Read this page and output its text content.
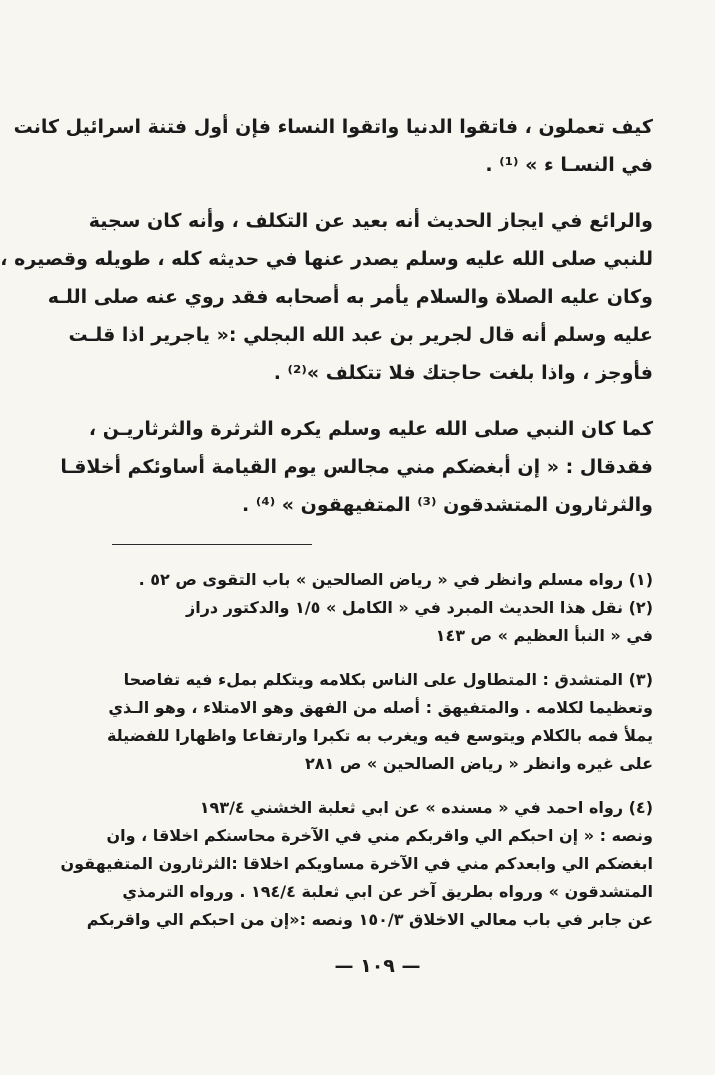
كيف تعملون ، فاتقوا الدنيا واتقوا النساء فإن أول فتنة اسرائيل كانت
في النسـا ء » ⁽¹⁾ .
والرائع في ايجاز الحديث أنه بعيد عن التكلف ، وأنه كان سجية
للنبي صلى الله عليه وسلم يصدر عنها في حديثه كله ، طويله وقصيره ،
وكان عليه الصلاة والسلام يأمر به أصحابه فقد روي عنه صلى اللـه
عليه وسلم أنه قال لجرير بن عبد الله البجلي :« ياجرير اذا قلـت
فأوجز ، واذا بلغت حاجتك فلا تتكلف »⁽²⁾ .
كما كان النبي صلى الله عليه وسلم يكره الثرثرة والثرثاريـن ،
فقدقال : « إن أبغضكم مني مجالس يوم القيامة أساوئكم أخلاقـا
والثرثارون المتشدقون ⁽³⁾ المتفيهقون » ⁽⁴⁾ .
(١) رواه مسلم وانظر في « رياض الصالحين » باب التقوى ص ٥٢ .
(٢) نقل هذا الحديث المبرد في « الكامل » ١/٥ والدكتور دراز
في « النبأ العظيم » ص ١٤٣
(٣) المتشدق : المتطاول على الناس بكلامه ويتكلم بملء فيه تفاصحا
وتعظيما لكلامه . والمتفيهق : أصله من الفهق وهو الامتلاء ، وهو الـذي
يملأ فمه بالكلام ويتوسع فيه ويغرب به تكبرا وارتفاعا واظهارا للفضيلة
على غيره وانظر « رياض الصالحين » ص ٢٨١
(٤) رواه احمد في « مسنده » عن ابي ثعلبة الخشني ١٩٣/٤
ونصه : « إن احبكم الي واقربكم مني في الآخرة محاسنكم اخلاقا ، وان
ابغضكم الي وابعدكم مني في الآخرة مساويكم اخلاقا :الثرثارون المتفيهقون
المتشدقون » ورواه بطريق آخر عن ابي ثعلبة ١٩٤/٤ . ورواه الترمذي
عن جابر في باب معالي الاخلاق ١٥٠/٣ ونصه :«إن من احبكم الي واقربكم
— ١٠٩ —
